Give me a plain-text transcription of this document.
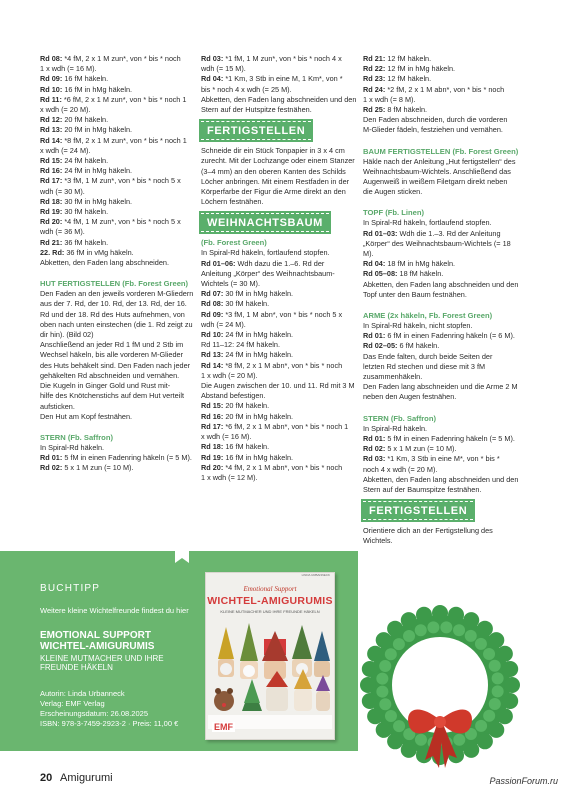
Rd 08: *4 fM, 2 x 1 M zun*, von * bis * noch
1 x wdh (= 16 M).
Rd 09: 16 fM häkeln.
Rd 10: 16 fM in hMg häkeln.
Rd 11: *6 fM, 2 x 1 M zun*, von * bis * noch 1
x wdh (= 20 M).
Rd 12: 20 fM häkeln.
Rd 13: 20 fM in hMg häkeln.
Rd 14: *8 fM, 2 x 1 M zun*, von * bis * noch 1
x wdh (= 24 M).
Rd 15: 24 fM häkeln.
Rd 16: 24 fM in hMg häkeln.
Rd 17: *3 fM, 1 M zun*, von * bis * noch 5 x
wdh (= 30 M).
Rd 18: 30 fM in hMg häkeln.
Rd 19: 30 fM häkeln.
Rd 20: *4 fM, 1 M zun*, von * bis * noch 5 x
wdh (= 36 M).
Rd 21: 36 fM häkeln.
22. Rd: 36 fM in vMg häkeln.
Abketten, den Faden lang abschneiden.
HUT FERTIGSTELLEN (Fb. Forest Green)
Den Faden an den jeweils vorderen M-Gliedern
aus der 7. Rd, der 10. Rd, der 13. Rd, der 16.
Rd und der 18. Rd des Huts aufnehmen, von
oben nach unten einstechen (die 1. Rd zeigt zu
dir hin). (Bild 02)
Anschließend an jeder Rd 1 fM und 2 Stb im
Wechsel häkeln, bis alle vorderen M-Glieder
des Huts behäkelt sind. Den Faden nach jeder
gehäkelten Rd abschneiden und vernähen.
Die Kugeln in Ginger Gold und Rust mit-
hilfe des Knötchenstichs auf dem Hut verteilt
aufsticken.
Den Hut am Kopf festnähen.
STERN (Fb. Saffron)
In Spiral-Rd häkeln.
Rd 01: 5 fM in einen Fadenring häkeln (= 5 M).
Rd 02: 5 x 1 M zun (= 10 M).
Rd 03: *1 fM, 1 M zun*, von * bis * noch 4 x
wdh (= 15 M).
Rd 04: *1 Km, 3 Stb in eine M, 1 Km*, von *
bis * noch 4 x wdh (= 25 M).
Abketten, den Faden lang abschneiden und den
Stern auf der Hutspitze festnähen.
FERTIGSTELLEN
Schneide dir ein Stück Tonpapier in 3 x 4 cm
zurecht. Mit der Lochzange oder einem Stanzer
(3–4 mm) an den oberen Kanten des Schilds
Löcher anbringen. Mit einem Restfaden in der
Körperfarbe der Figur die Arme direkt an den
Löchern festnähen.
WEIHNACHTSBAUM
(Fb. Forest Green)
In Spiral-Rd häkeln, fortlaufend stopfen.
Rd 01–06: Wdh dazu die 1.–6. Rd der
Anleitung „Körper“ des Weihnachtsbaum-
Wichtels (= 30 M).
Rd 07: 30 fM in hMg häkeln.
Rd 08: 30 fM häkeln.
Rd 09: *3 fM, 1 M abn*, von * bis * noch 5 x
wdh (= 24 M).
Rd 10: 24 fM in hMg häkeln.
Rd 11–12: 24 fM häkeln.
Rd 13: 24 fM in hMg häkeln.
Rd 14: *8 fM, 2 x 1 M abn*, von * bis * noch
1 x wdh (= 20 M).
Die Augen zwischen der 10. und 11. Rd mit 3 M
Abstand befestigen.
Rd 15: 20 fM häkeln.
Rd 16: 20 fM in hMg häkeln.
Rd 17: *6 fM, 2 x 1 M abn*, von * bis * noch 1
x wdh (= 16 M).
Rd 18: 16 fM häkeln.
Rd 19: 16 fM in hMg häkeln.
Rd 20: *4 fM, 2 x 1 M abn*, von * bis * noch
1 x wdh (= 12 M).
Rd 21: 12 fM häkeln.
Rd 22: 12 fM in hMg häkeln.
Rd 23: 12 fM häkeln.
Rd 24: *2 fM, 2 x 1 M abn*, von * bis * noch
1 x wdh (= 8 M).
Rd 25: 8 fM häkeln.
Den Faden abschneiden, durch die vorderen
M-Glieder fädeln, festziehen und vernähen.
BAUM FERTIGSTELLEN (Fb. Forest Green)
Häkle nach der Anleitung „Hut fertigstellen“ des
Weihnachtsbaum-Wichtels. Anschließend das
Augenweiß in weißem Filetgarn direkt neben
die Augen sticken.
TOPF (Fb. Linen)
In Spiral-Rd häkeln, fortlaufend stopfen.
Rd 01–03: Wdh die 1.–3. Rd der Anleitung
„Körper“ des Weihnachtsbaum-Wichtels (= 18
M).
Rd 04: 18 fM in hMg häkeln.
Rd 05–08: 18 fM häkeln.
Abketten, den Faden lang abschneiden und den
Topf unter den Baum festnähen.
ARME (2x häkeln, Fb. Forest Green)
In Spiral-Rd häkeln, nicht stopfen.
Rd 01: 6 fM in einen Fadenring häkeln (= 6 M).
Rd 02–05: 6 fM häkeln.
Das Ende falten, durch beide Seiten der
letzten Rd stechen und diese mit 3 fM
zusammenhäkeln.
Den Faden lang abschneiden und die Arme 2 M
neben den Augen festnähen.
STERN (Fb. Saffron)
In Spiral-Rd häkeln.
Rd 01: 5 fM in einen Fadenring häkeln (= 5 M).
Rd 02: 5 x 1 M zun (= 10 M).
Rd 03: *1 Km, 3 Stb in eine M*, von * bis *
noch 4 x wdh (= 20 M).
Abketten, den Faden lang abschneiden und den
Stern auf der Baumspitze festnähen.
FERTIGSTELLEN
Orientiere dich an der Fertigstellung des
Wichtels.
BUCHTIPP
Weitere kleine Wichtelfreunde findest du hier
EMOTIONAL SUPPORT
WICHTEL-AMIGURUMIS
KLEINE MUTMACHER UND IHRE
FREUNDE HÄKELN
Autorin: Linda Urbanneck
Verlag: EMF Verlag
Erscheinungsdatum: 26.08.2025
ISBN: 978-3-7459-2923-2 · Preis: 11,00 €
LINDA URBANNECK
Emotional Support
WICHTEL-AMIGURUMIS
KLEINE MUTMACHER UND IHRE FREUNDE HÄKELN
EMF
20 Amigurumi	PassionForum.ru
